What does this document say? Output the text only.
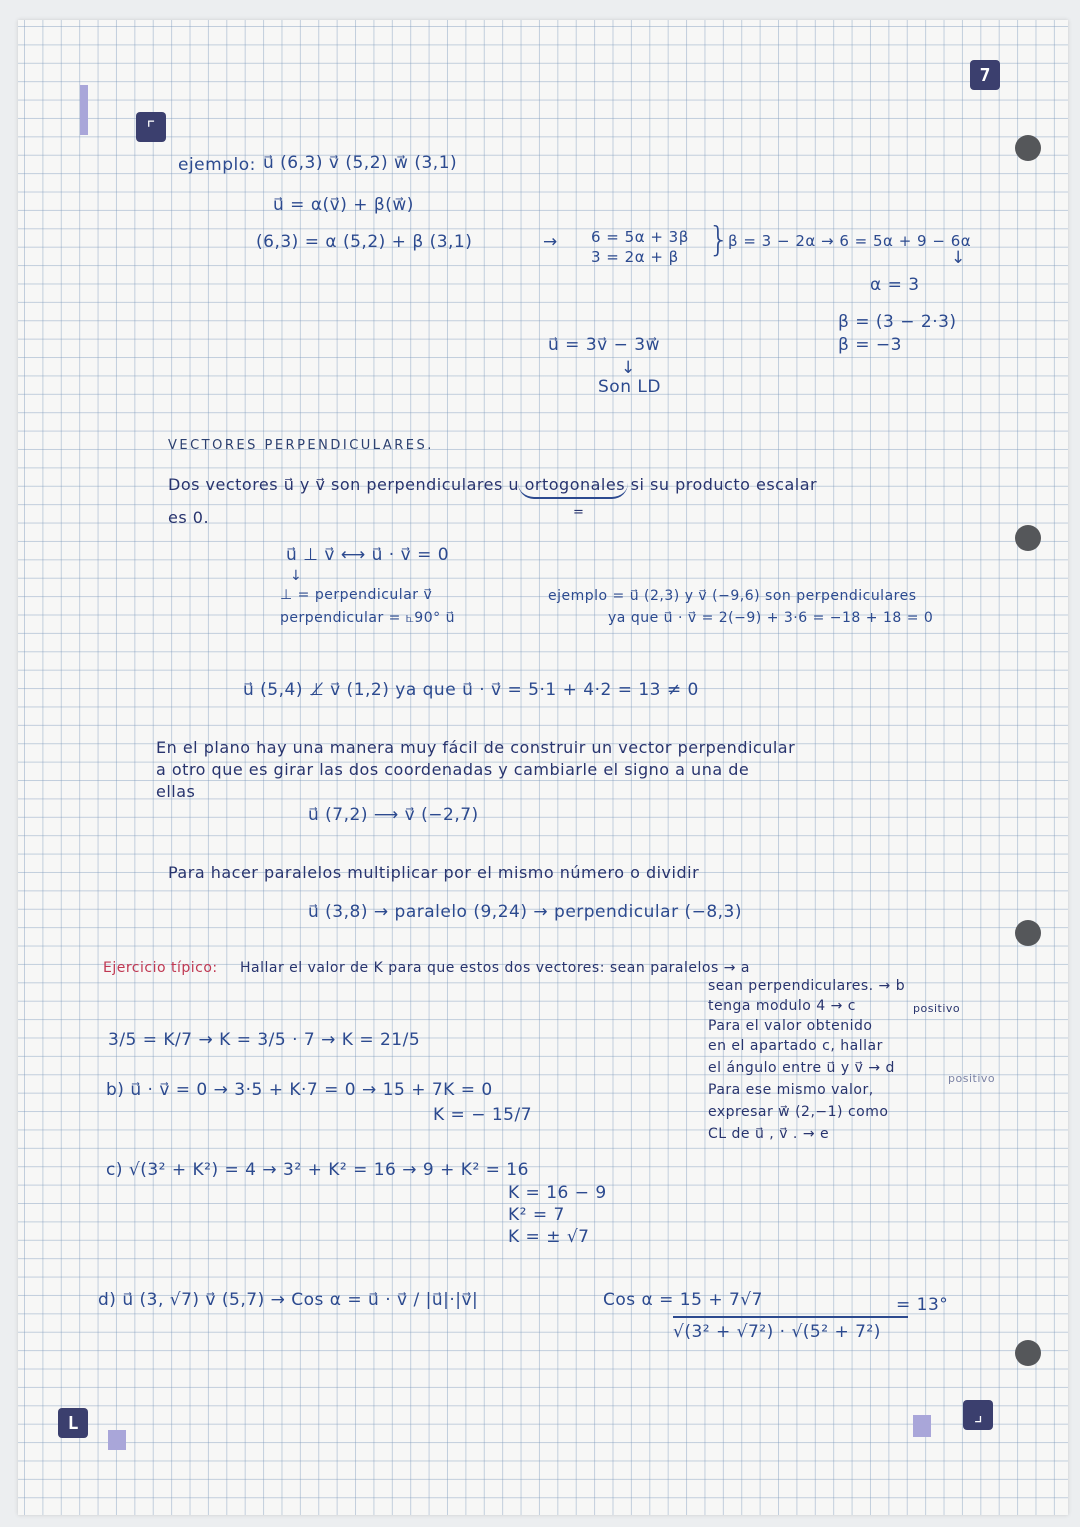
⌜
7
L	⌟
ejemplo: u⃗ (6,3) v⃗ (5,2) w⃗ (3,1)
u⃗ = α(v⃗) + β(w⃗)
(6,3) = α (5,2) + β (3,1)	→ 6 = 5α + 3β
3 = 2α + β }
β = 3 − 2α → 6 = 5α + 9 − 6α
↓
α = 3
β = (3 − 2·3)
β = −3
u⃗ = 3v⃗ − 3w⃗
↓
Son LD
VECTORES PERPENDICULARES.
Dos vectores u⃗ y v⃗ son perpendiculares u ortogonales si su producto escalar
=
es 0.
u⃗ ⊥ v⃗ ⟷ u⃗ · v⃗ = 0
↓
⊥ = perpendicular v⃗
perpendicular = ⦜90° u⃗
ejemplo = u⃗ (2,3) y v⃗ (−9,6) son perpendiculares
ya que u⃗ · v⃗ = 2(−9) + 3·6 = −18 + 18 = 0
u⃗ (5,4) ⊥̸ v⃗ (1,2) ya que u⃗ · v⃗ = 5·1 + 4·2 = 13 ≠ 0
En el plano hay una manera muy fácil de construir un vector perpendicular
a otro que es girar las dos coordenadas y cambiarle el signo a una de
ellas
u⃗ (7,2) ⟶ v⃗ (−2,7)
Para hacer paralelos multiplicar por el mismo número o dividir
u⃗ (3,8) → paralelo (9,24) → perpendicular (−8,3)
Ejercicio típico: Hallar el valor de K para que estos dos vectores: sean paralelos → a
sean perpendiculares. → b
tenga modulo 4 → c	positivo
Para el valor obtenido
en el apartado c, hallar
el ángulo entre u⃗ y v⃗ → d
positivo
Para ese mismo valor,
expresar w⃗ (2,−1) como
CL de u⃗ , v⃗ . → e
3/5 = K/7 → K = 3/5 · 7 → K = 21/5
b) u⃗ · v⃗ = 0 → 3·5 + K·7 = 0 → 15 + 7K = 0
K = − 15/7
c) √(3² + K²) = 4 → 3² + K² = 16 → 9 + K² = 16
K = 16 − 9
K² = 7
K = ± √7
d) u⃗ (3, √7) v⃗ (5,7) → Cos α = u⃗ · v⃗ / |u⃗|·|v⃗|	Cos α = 15 + 7√7
√(3² + √7²) · √(5² + 7²)
= 13°
